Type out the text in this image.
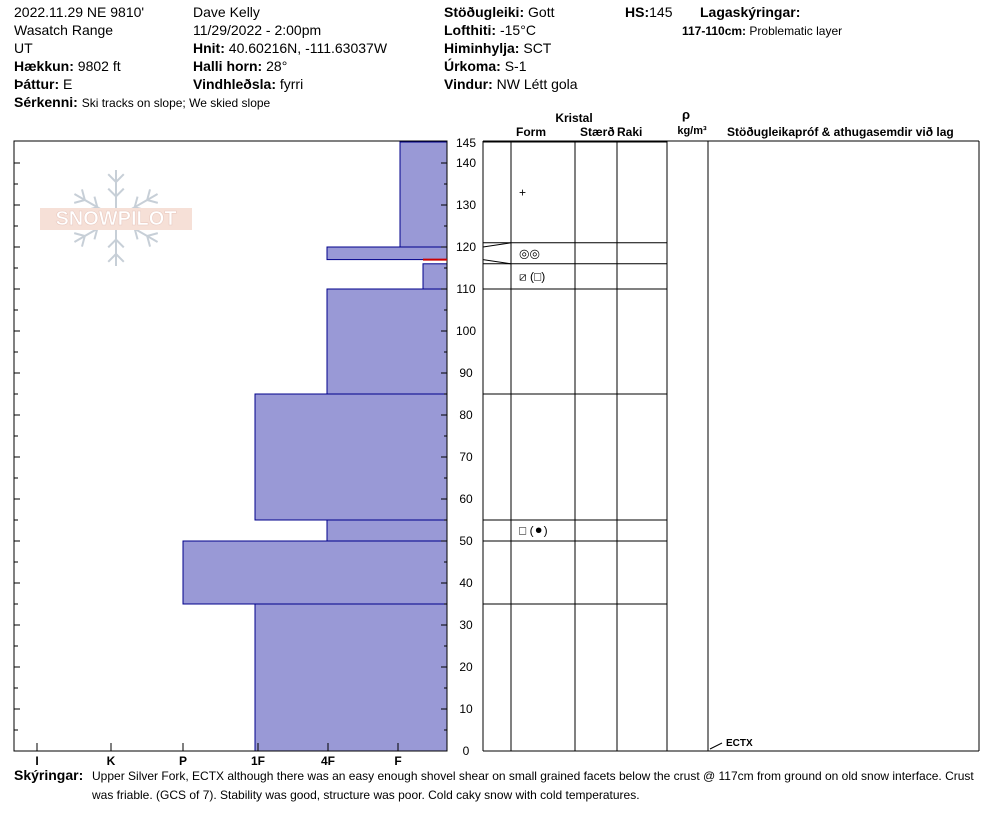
2022.11.29 NE 9810'
Wasatch Range
UT
Hækkun: 9802 ft
Þáttur: E
Sérkenni: Ski tracks on slope; We skied slope
Dave Kelly
11/29/2022 - 2:00pm
Hnit: 40.60216N, -111.63037W
Halli horn: 28°
Vindhleðsla: fyrri
Stöðugleiki: Gott
Lofthiti: -15°C
Himinhylja: SCT
Úrkoma: S-1
Vindur: NW Létt gola
HS:145 Lagaskýringar:
117-110cm: Problematic layer
SNOWPILOT
I	K	P	1F	4F	F
0
10
20
30
40
50
60
70
80
90
100
110
120
130
140
145
+
◎◎
⧄ (□)
□ (⚫︎)
ECTX
Kristal
Form	Stærð Raki
ρ
kg/m³ Stöðugleikapróf & athugasemdir við lag
Skýringar: Upper Silver Fork, ECTX although there was an easy enough shovel shear on small grained facets below the crust @ 117cm from ground on old snow interface. Crust was friable. (GCS of 7). Stability was good, structure was poor. Cold caky snow with cold temperatures.
